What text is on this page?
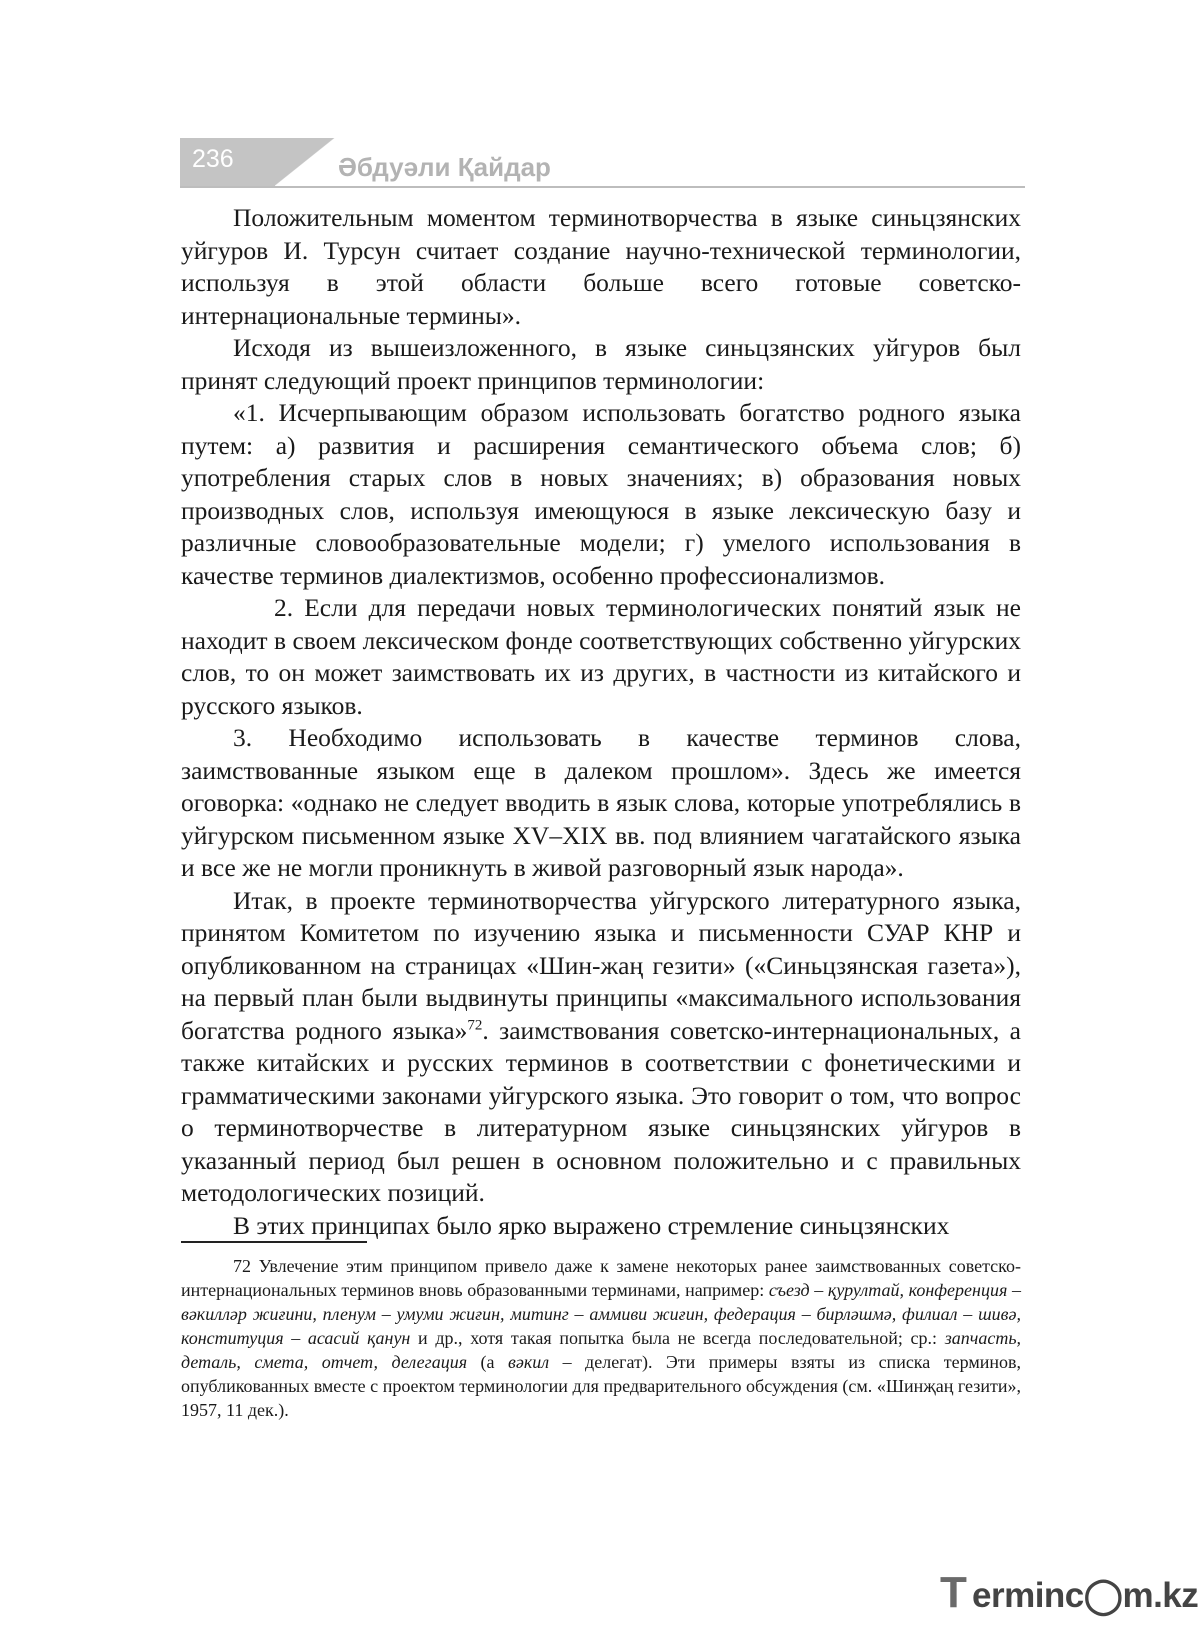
236	Әбдуәли Қайдар

Положительным моментом терминотворчества в языке синьцзянских уйгуров И. Турсун считает создание научно-технической терминологии, используя в этой области больше всего готовые советско-интернациональные термины».

Исходя из вышеизложенного, в языке синьцзянских уйгуров был принят следующий проект принципов терминологии:

«1. Исчерпывающим образом использовать богатство родного языка путем: а) развития и расширения семантического объема слов; б) употребления старых слов в новых значениях; в) образования новых производных слов, используя имеющуюся в языке лексическую базу и различные словообразовательные модели; г) умелого использования в качестве терминов диалектизмов, особенно профессионализмов.

2. Если для передачи новых терминологических понятий язык не находит в своем лексическом фонде соответствующих собственно уйгурских слов, то он может заимствовать их из других, в частности из китайского и русского языков.

3. Необходимо использовать в качестве терминов слова, заимствованные языком еще в далеком прошлом». Здесь же имеется оговорка: «однако не следует вводить в язык слова, которые употреблялись в уйгурском письменном языке XV–XIX вв. под влиянием чагатайского языка и все же не могли проникнуть в живой разговорный язык народа».

Итак, в проекте терминотворчества уйгурского литературного языка, принятом Комитетом по изучению языка и письменности СУАР КНР и опубликованном на страницах «Шин-жаң гезити» («Синьцзянская газета»), на первый план были выдвинуты принципы «максимального использования богатства родного языка»$^{72}$. заимствования советско-интернациональных, а также китайских и русских терминов в соответствии с фонетическими и грамматическими законами уйгурского языка. Это говорит о том, что вопрос о терминотворчестве в литературном языке синьцзянских уйгуров в указанный период был решен в основном положительно и с правильных методологических позиций.

В этих принципах было ярко выражено стремление синьцзянских

72 Увлечение этим принципом привело даже к замене некоторых ранее заимствованных советско-интернациональных терминов вновь образованными терминами, например: съезд – қурултай, конференция – вәкилләр жиғини, пленум – умуми жиғин, митинг – аммиви жиғин, федерация – бирләшмә, филиал – шивә, конституция – асасий қанун и др., хотя такая попытка была не всегда последовательной; ср.: запчасть, деталь, смета, отчет, делегация (а вәкил – делегат). Эти примеры взяты из списка терминов, опубликованных вместе с проектом терминологии для предварительного обсуждения (см. «Шинҗаң гезити», 1957, 11 дек.).

T erminc◯m.kz
